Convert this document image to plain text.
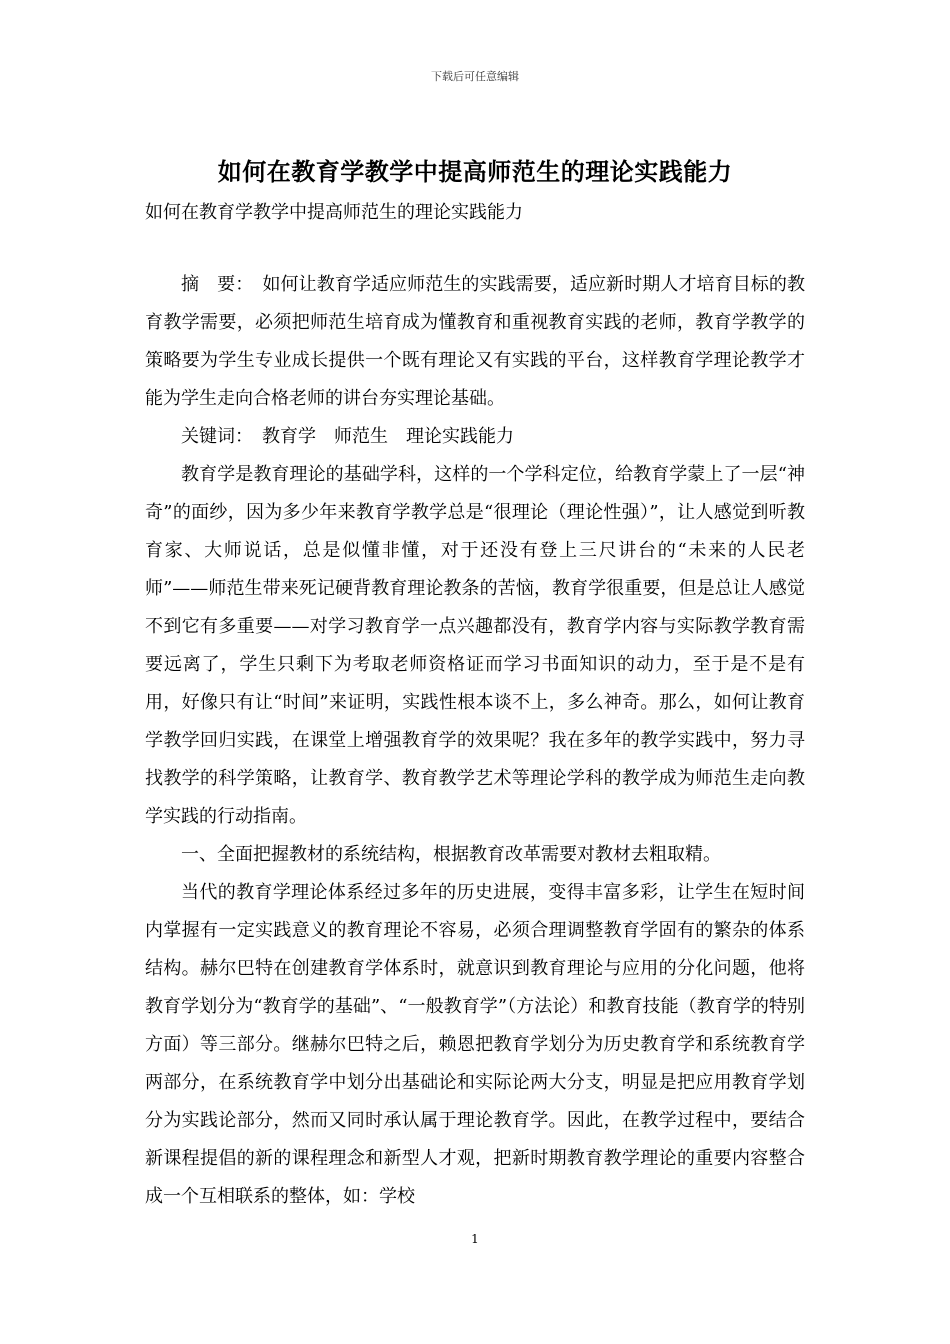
下载后可任意编辑
如何在教育学教学中提高师范生的理论实践能力
如何在教育学教学中提高师范生的理论实践能力

摘　要：　如何让教育学适应师范生的实践需要，适应新时期人才培育目标的教育教学需要，必须把师范生培育成为懂教育和重视教育实践的老师，教育学教学的策略要为学生专业成长提供一个既有理论又有实践的平台，这样教育学理论教学才能为学生走向合格老师的讲台夯实理论基础。

关键词：　教育学　师范生　理论实践能力

教育学是教育理论的基础学科，这样的一个学科定位，给教育学蒙上了一层“神奇”的面纱，因为多少年来教育学教学总是“很理论（理论性强）”，让人感觉到听教育家、大师说话，总是似懂非懂，对于还没有登上三尺讲台的“未来的人民老师”——师范生带来死记硬背教育理论教条的苦恼，教育学很重要，但是总让人感觉不到它有多重要——对学习教育学一点兴趣都没有，教育学内容与实际教学教育需要远离了，学生只剩下为考取老师资格证而学习书面知识的动力，至于是不是有用，好像只有让“时间”来证明，实践性根本谈不上，多么神奇。那么，如何让教育学教学回归实践，在课堂上增强教育学的效果呢？我在多年的教学实践中，努力寻找教学的科学策略，让教育学、教育教学艺术等理论学科的教学成为师范生走向教学实践的行动指南。

一、全面把握教材的系统结构，根据教育改革需要对教材去粗取精。

当代的教育学理论体系经过多年的历史进展，变得丰富多彩，让学生在短时间内掌握有一定实践意义的教育理论不容易，必须合理调整教育学固有的繁杂的体系结构。赫尔巴特在创建教育学体系时，就意识到教育理论与应用的分化问题，他将教育学划分为“教育学的基础”、“一般教育学”（方法论）和教育技能（教育学的特别方面）等三部分。继赫尔巴特之后，赖恩把教育学划分为历史教育学和系统教育学两部分，在系统教育学中划分出基础论和实际论两大分支，明显是把应用教育学划分为实践论部分，然而又同时承认属于理论教育学。因此，在教学过程中，要结合新课程提倡的新的课程理念和新型人才观，把新时期教育教学理论的重要内容整合成一个互相联系的整体，如：学校

1
